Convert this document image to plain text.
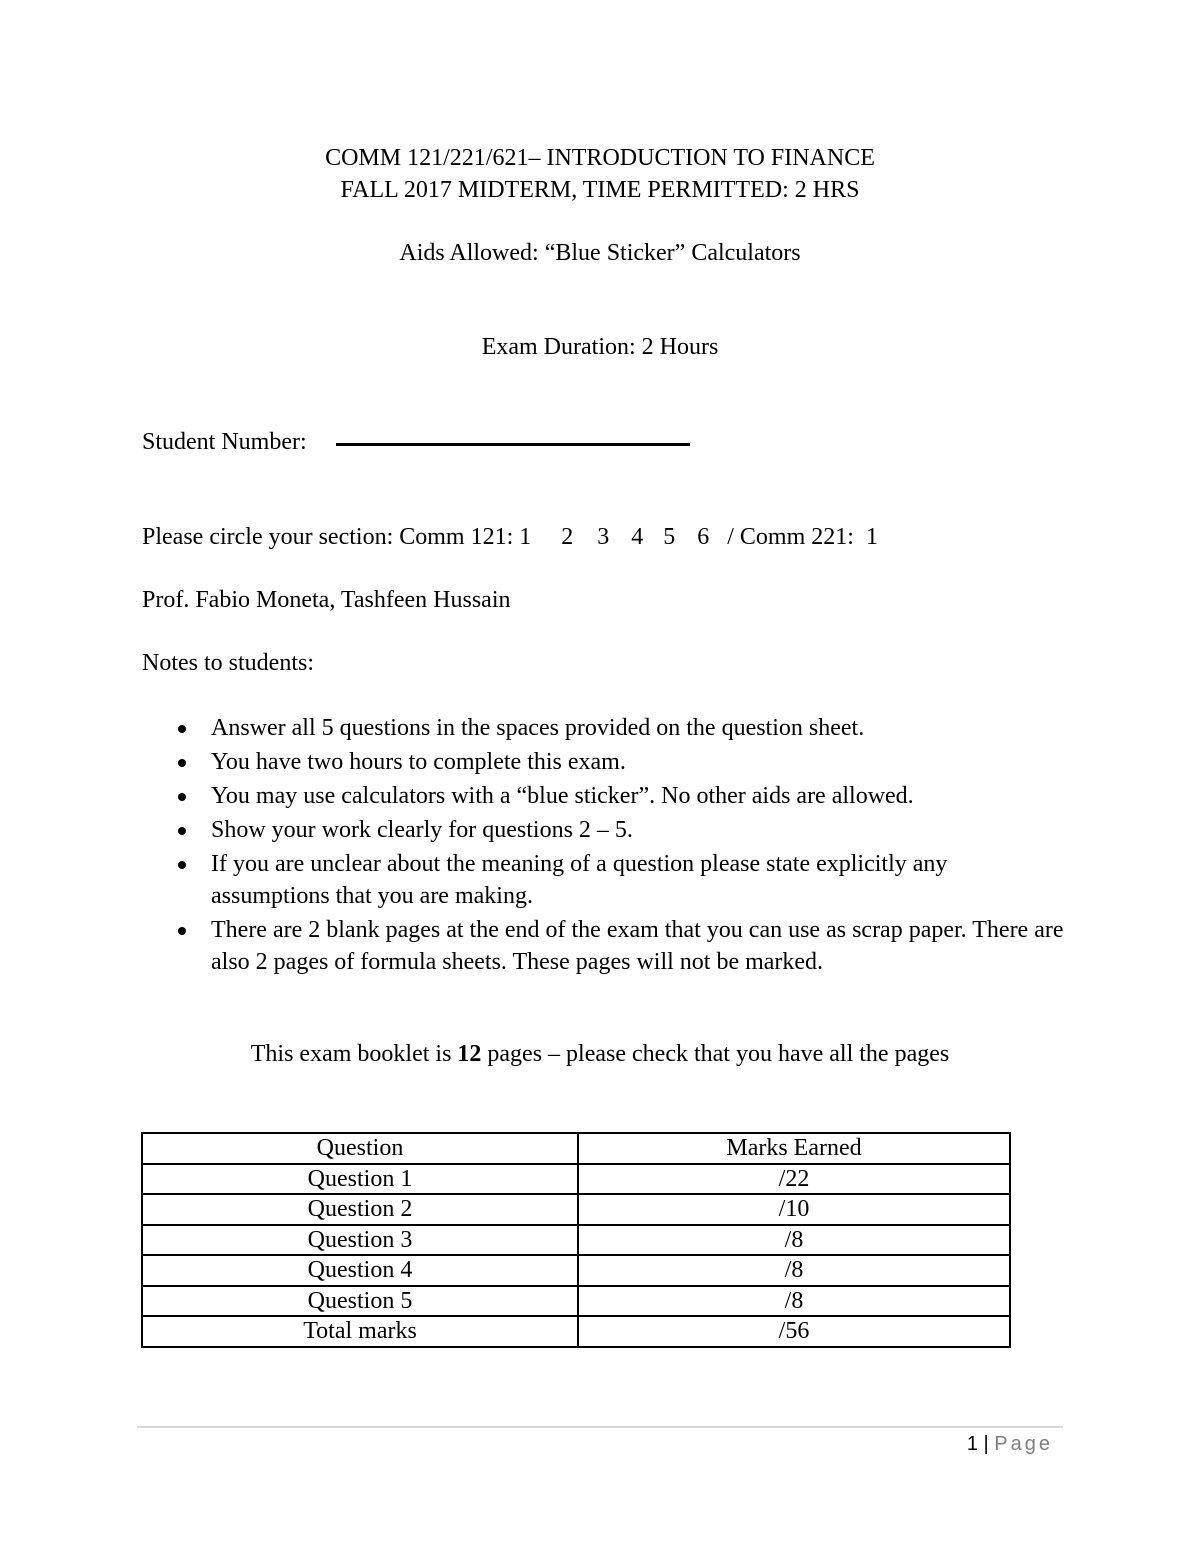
COMM 121/221/621– INTRODUCTION TO FINANCE
FALL 2017 MIDTERM, TIME PERMITTED: 2 HRS
Aids Allowed: “Blue Sticker” Calculators
Exam Duration: 2 Hours
Student Number:
Please circle your section: Comm 121:1 2 3 4 5 6 / Comm 221: 1
Prof. Fabio Moneta, Tashfeen Hussain
Notes to students:
Answer all 5 questions in the spaces provided on the question sheet.
You have two hours to complete this exam.
You may use calculators with a “blue sticker”. No other aids are allowed.
Show your work clearly for questions 2 – 5.
If you are unclear about the meaning of a question please state explicitly any assumptions that you are making.
There are 2 blank pages at the end of the exam that you can use as scrap paper. There are also 2 pages of formula sheets. These pages will not be marked.
This exam booklet is 12 pages – please check that you have all the pages
Question	Marks Earned
Question 1	/22
Question 2	/10
Question 3	/8
Question 4	/8
Question 5	/8
Total marks	/56
1 | Page
